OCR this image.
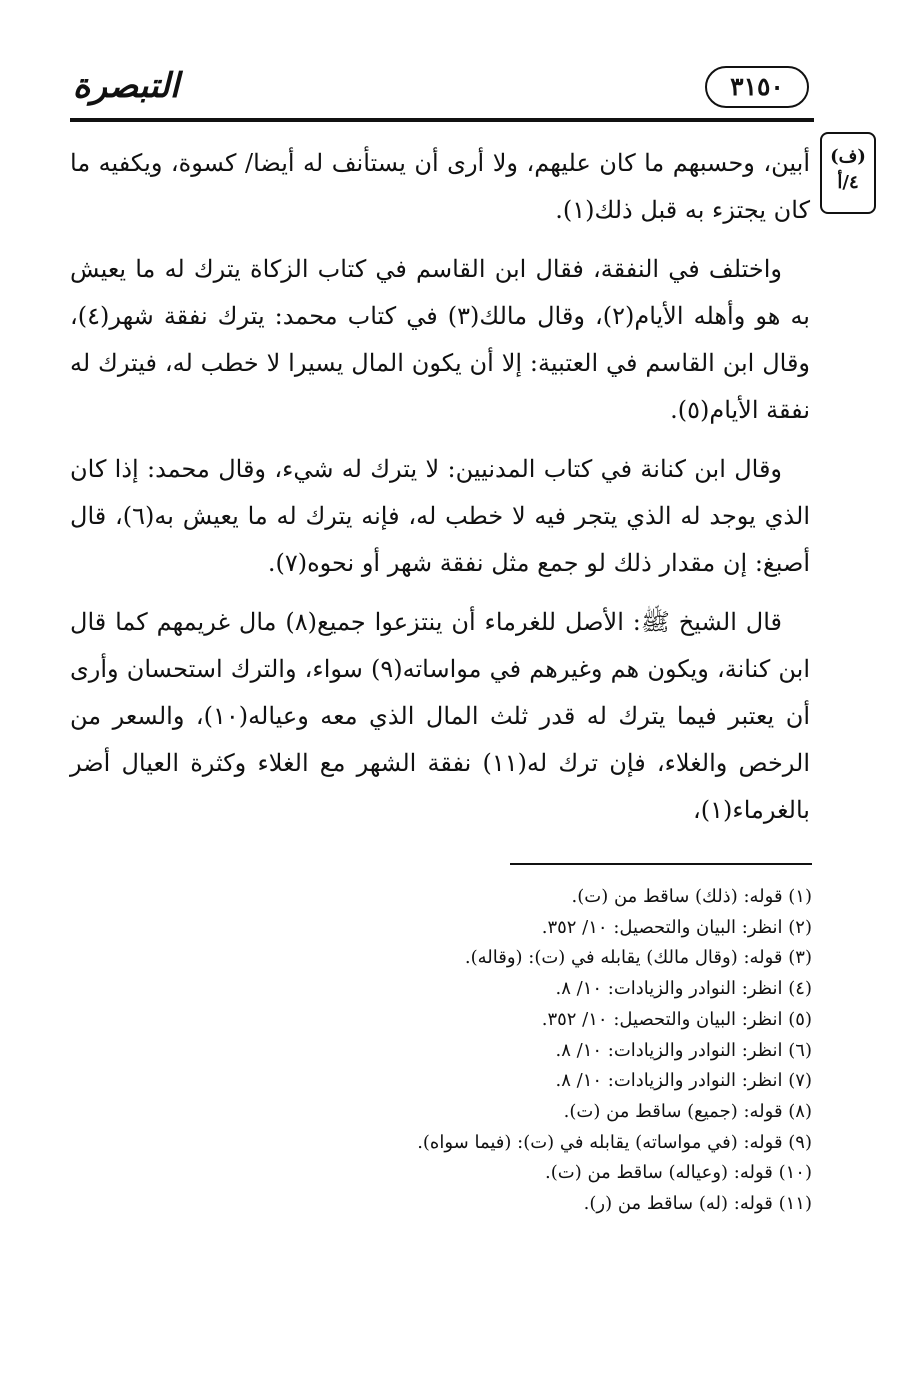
التبصرة	٣١٥٠
(ف)
٤/أ

أبين، وحسبهم ما كان عليهم، ولا أرى أن يستأنف له أيضا/ كسوة، ويكفيه ما كان يجتزء به قبل ذلك(١).

واختلف في النفقة، فقال ابن القاسم في كتاب الزكاة يترك له ما يعيش به هو وأهله الأيام(٢)، وقال مالك(٣) في كتاب محمد: يترك نفقة شهر(٤)، وقال ابن القاسم في العتبية: إلا أن يكون المال يسيرا لا خطب له، فيترك له نفقة الأيام(٥).

وقال ابن كنانة في كتاب المدنيين: لا يترك له شيء، وقال محمد: إذا كان الذي يوجد له الذي يتجر فيه لا خطب له، فإنه يترك له ما يعيش به(٦)، قال أصبغ: إن مقدار ذلك لو جمع مثل نفقة شهر أو نحوه(٧).

قال الشيخ ﷺ: الأصل للغرماء أن ينتزعوا جميع(٨) مال غريمهم كما قال ابن كنانة، ويكون هم وغيرهم في مواساته(٩) سواء، والترك استحسان وأرى أن يعتبر فيما يترك له قدر ثلث المال الذي معه وعياله(١٠)، والسعر من الرخص والغلاء، فإن ترك له(١١) نفقة الشهر مع الغلاء وكثرة العيال أضر بالغرماء(١)،

(١) قوله: (ذلك) ساقط من (ت).
(٢) انظر: البيان والتحصيل: ١٠/ ٣٥٢.
(٣) قوله: (وقال مالك) يقابله في (ت): (وقاله).
(٤) انظر: النوادر والزيادات: ١٠/ ٨.
(٥) انظر: البيان والتحصيل: ١٠/ ٣٥٢.
(٦) انظر: النوادر والزيادات: ١٠/ ٨.
(٧) انظر: النوادر والزيادات: ١٠/ ٨.
(٨) قوله: (جميع) ساقط من (ت).
(٩) قوله: (في مواساته) يقابله في (ت): (فيما سواه).
(١٠) قوله: (وعياله) ساقط من (ت).
(١١) قوله: (له) ساقط من (ر).
